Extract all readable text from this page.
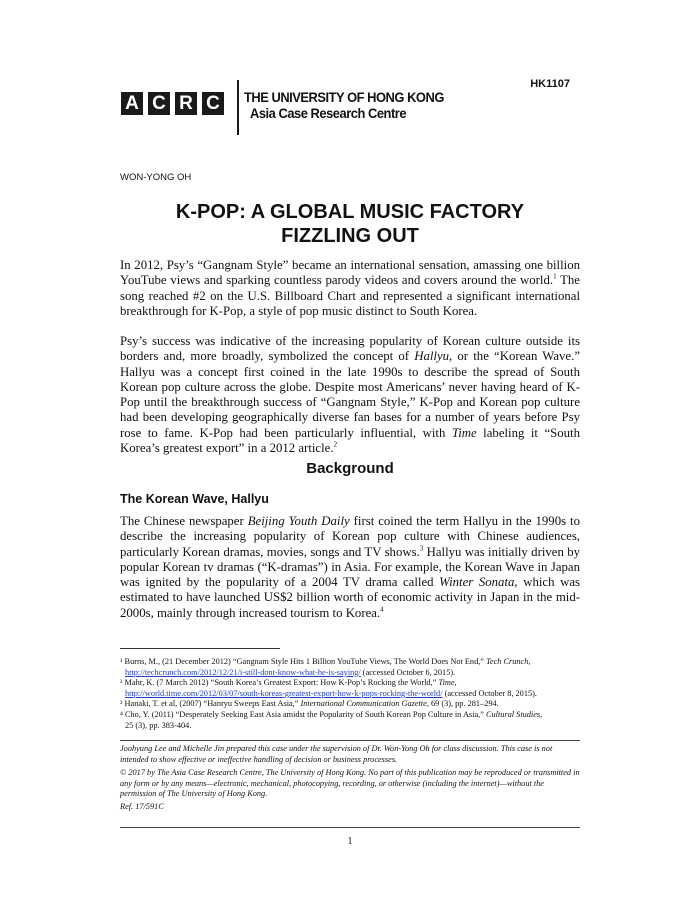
HK1107
A C R C THE UNIVERSITY OF HONG KONG
Asia Case Research Centre
WON-YONG OH
K-POP: A GLOBAL MUSIC FACTORY
FIZZLING OUT

In 2012, Psy’s “Gangnam Style” became an international sensation, amassing one billion YouTube views and sparking countless parody videos and covers around the world.$^1$ The song reached #2 on the U.S. Billboard Chart and represented a significant international breakthrough for K-Pop, a style of pop music distinct to South Korea.

Psy’s success was indicative of the increasing popularity of Korean culture outside its borders and, more broadly, symbolized the concept of Hallyu, or the “Korean Wave.” Hallyu was a concept first coined in the late 1990s to describe the spread of South Korean pop culture across the globe. Despite most Americans’ never having heard of K-Pop until the breakthrough success of “Gangnam Style,” K-Pop and Korean pop culture had been developing geographically diverse fan bases for a number of years before Psy rose to fame. K-Pop had been particularly influential, with Time labeling it “South Korea’s greatest export” in a 2012 article.$^2$

Background
The Korean Wave, Hallyu

The Chinese newspaper Beijing Youth Daily first coined the term Hallyu in the 1990s to describe the increasing popularity of Korean pop culture with Chinese audiences, particularly Korean dramas, movies, songs and TV shows.$^3$ Hallyu was initially driven by popular Korean tv dramas (“K-dramas”) in Asia. For example, the Korean Wave in Japan was ignited by the popularity of a 2004 TV drama called Winter Sonata, which was estimated to have launched US$2 billion worth of economic activity in Japan in the mid-2000s, mainly through increased tourism to Korea.$^4$

¹ Burns, M., (21 December 2012) “Gangnam Style Hits 1 Billion YouTube Views, The World Does Not End,” Tech Crunch,
http://techcrunch.com/2012/12/21/i-still-dont-know-what-he-is-saying/ (accessed October 6, 2015).
² Mahr, K. (7 March 2012) “South Korea’s Greatest Export: How K-Pop’s Rocking the World,” Time,
http://world.time.com/2012/03/07/south-koreas-greatest-export-how-k-pops-rocking-the-world/ (accessed October 8, 2015).
³ Hanaki, T. et al, (2007) “Hanryu Sweeps East Asia,” International Communication Gazette, 69 (3), pp. 281–294.
⁴ Cho, Y. (2011) “Desperately Seeking East Asia amidst the Popularity of South Korean Pop Culture in Asia,” Cultural Studies,
25 (3), pp. 383-404.
Joohyung Lee and Michelle Jin prepared this case under the supervision of Dr. Won-Yong Oh for class discussion. This case is not intended to show effective or ineffective handling of decision or business processes.
© 2017 by The Asia Case Research Centre, The University of Hong Kong. No part of this publication may be reproduced or transmitted in any form or by any means—electronic, mechanical, photocopying, recording, or otherwise (including the internet)—without the permission of The University of Hong Kong.
Ref. 17/591C
1
